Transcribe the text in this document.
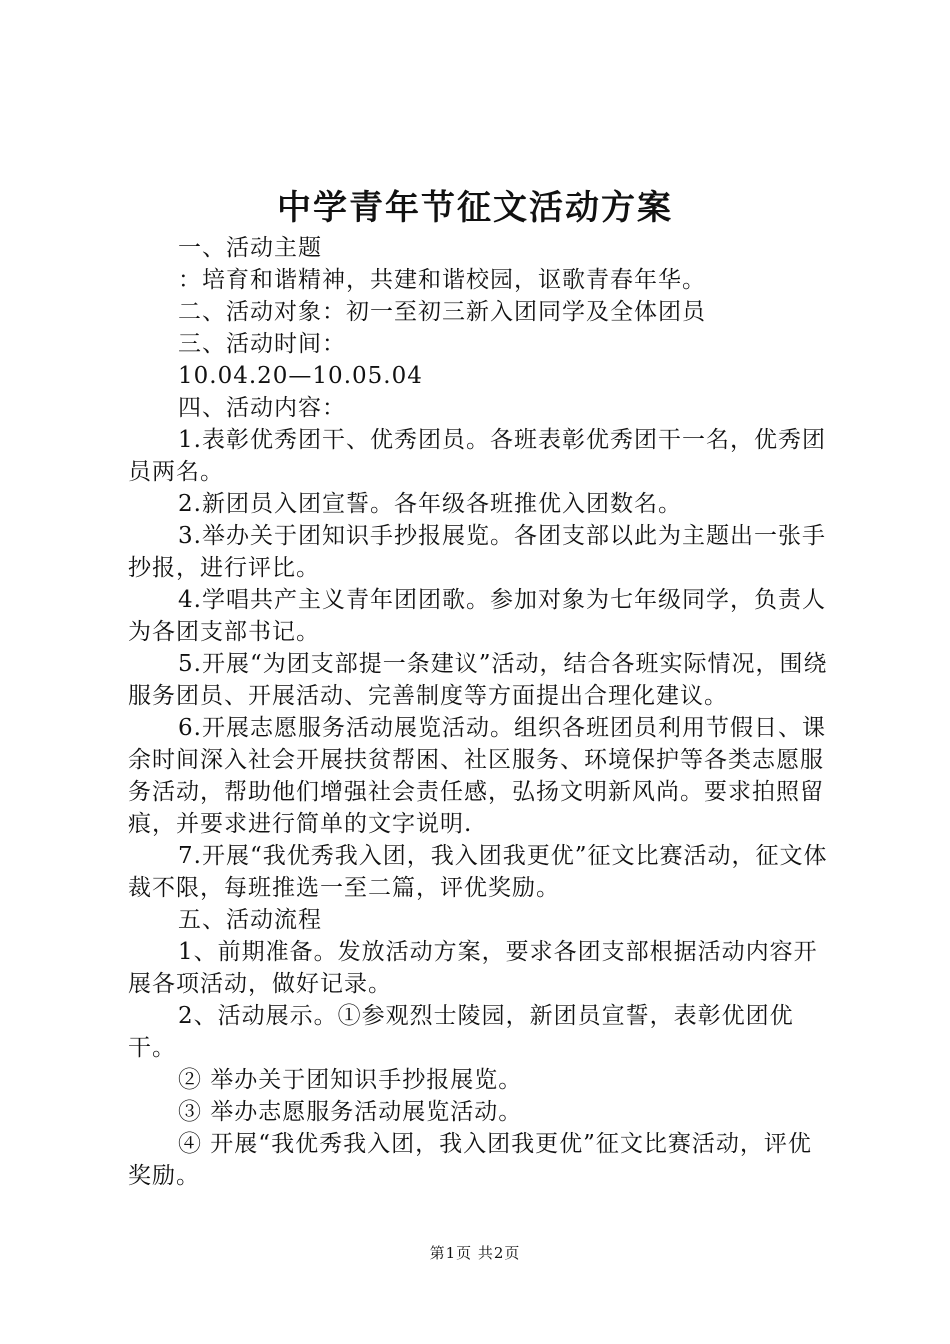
中学青年节征文活动方案

一、活动主题

：培育和谐精神，共建和谐校园，讴歌青春年华。

二、活动对象：初一至初三新入团同学及全体团员

三、活动时间：

10.04.20—10.05.04

四、活动内容：

1.表彰优秀团干、优秀团员。各班表彰优秀团干一名，优秀团员两名。

2.新团员入团宣誓。各年级各班推优入团数名。

3.举办关于团知识手抄报展览。各团支部以此为主题出一张手抄报，进行评比。

4.学唱共产主义青年团团歌。参加对象为七年级同学，负责人为各团支部书记。

5.开展“为团支部提一条建议”活动，结合各班实际情况，围绕服务团员、开展活动、完善制度等方面提出合理化建议。

6.开展志愿服务活动展览活动。组织各班团员利用节假日、课余时间深入社会开展扶贫帮困、社区服务、环境保护等各类志愿服务活动，帮助他们增强社会责任感，弘扬文明新风尚。要求拍照留痕，并要求进行简单的文字说明.

7.开展“我优秀我入团，我入团我更优”征文比赛活动，征文体裁不限，每班推选一至二篇，评优奖励。

五、活动流程

1、前期准备。发放活动方案，要求各团支部根据活动内容开展各项活动，做好记录。

2、活动展示。①参观烈士陵园，新团员宣誓，表彰优团优干。

② 举办关于团知识手抄报展览。

③ 举办志愿服务活动展览活动。

④ 开展“我优秀我入团，我入团我更优”征文比赛活动，评优奖励。

第1页 共2页
